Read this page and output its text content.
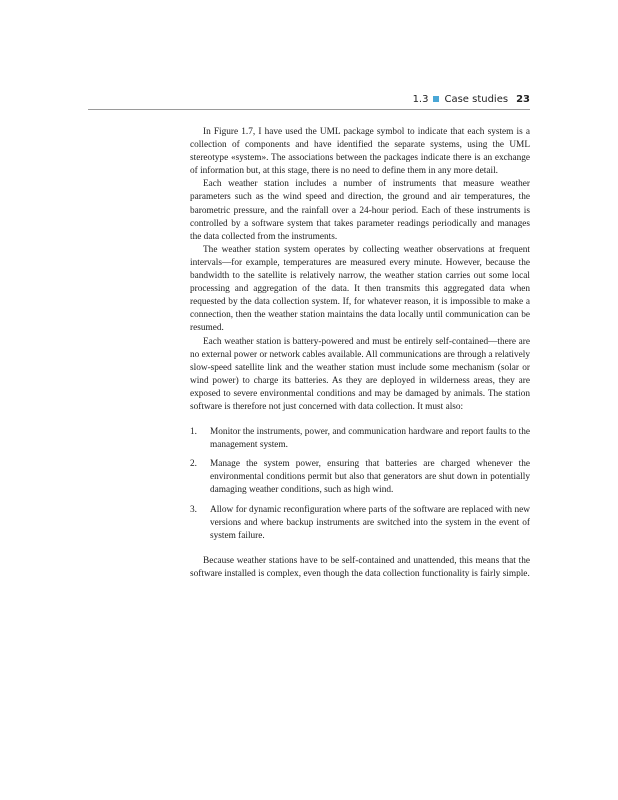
1.3 Case studies 23

In Figure 1.7, I have used the UML package symbol to indicate that each system is a collection of components and have identified the separate systems, using the UML stereotype «system». The associations between the packages indicate there is an exchange of information but, at this stage, there is no need to define them in any more detail.

Each weather station includes a number of instruments that measure weather parameters such as the wind speed and direction, the ground and air temperatures, the barometric pressure, and the rainfall over a 24-hour period. Each of these instruments is controlled by a software system that takes parameter readings periodically and manages the data collected from the instruments.

The weather station system operates by collecting weather observations at frequent intervals—for example, temperatures are measured every minute. However, because the bandwidth to the satellite is relatively narrow, the weather station carries out some local processing and aggregation of the data. It then transmits this aggregated data when requested by the data collection system. If, for whatever reason, it is impossible to make a connection, then the weather station maintains the data locally until communication can be resumed.

Each weather station is battery-powered and must be entirely self-contained—there are no external power or network cables available. All communications are through a relatively slow-speed satellite link and the weather station must include some mechanism (solar or wind power) to charge its batteries. As they are deployed in wilderness areas, they are exposed to severe environmental conditions and may be damaged by animals. The station software is therefore not just concerned with data collection. It must also:

1. Monitor the instruments, power, and communication hardware and report faults to the management system.
2. Manage the system power, ensuring that batteries are charged whenever the environmental conditions permit but also that generators are shut down in potentially damaging weather conditions, such as high wind.
3. Allow for dynamic reconfiguration where parts of the software are replaced with new versions and where backup instruments are switched into the system in the event of system failure.

Because weather stations have to be self-contained and unattended, this means that the software installed is complex, even though the data collection functionality is fairly simple.
